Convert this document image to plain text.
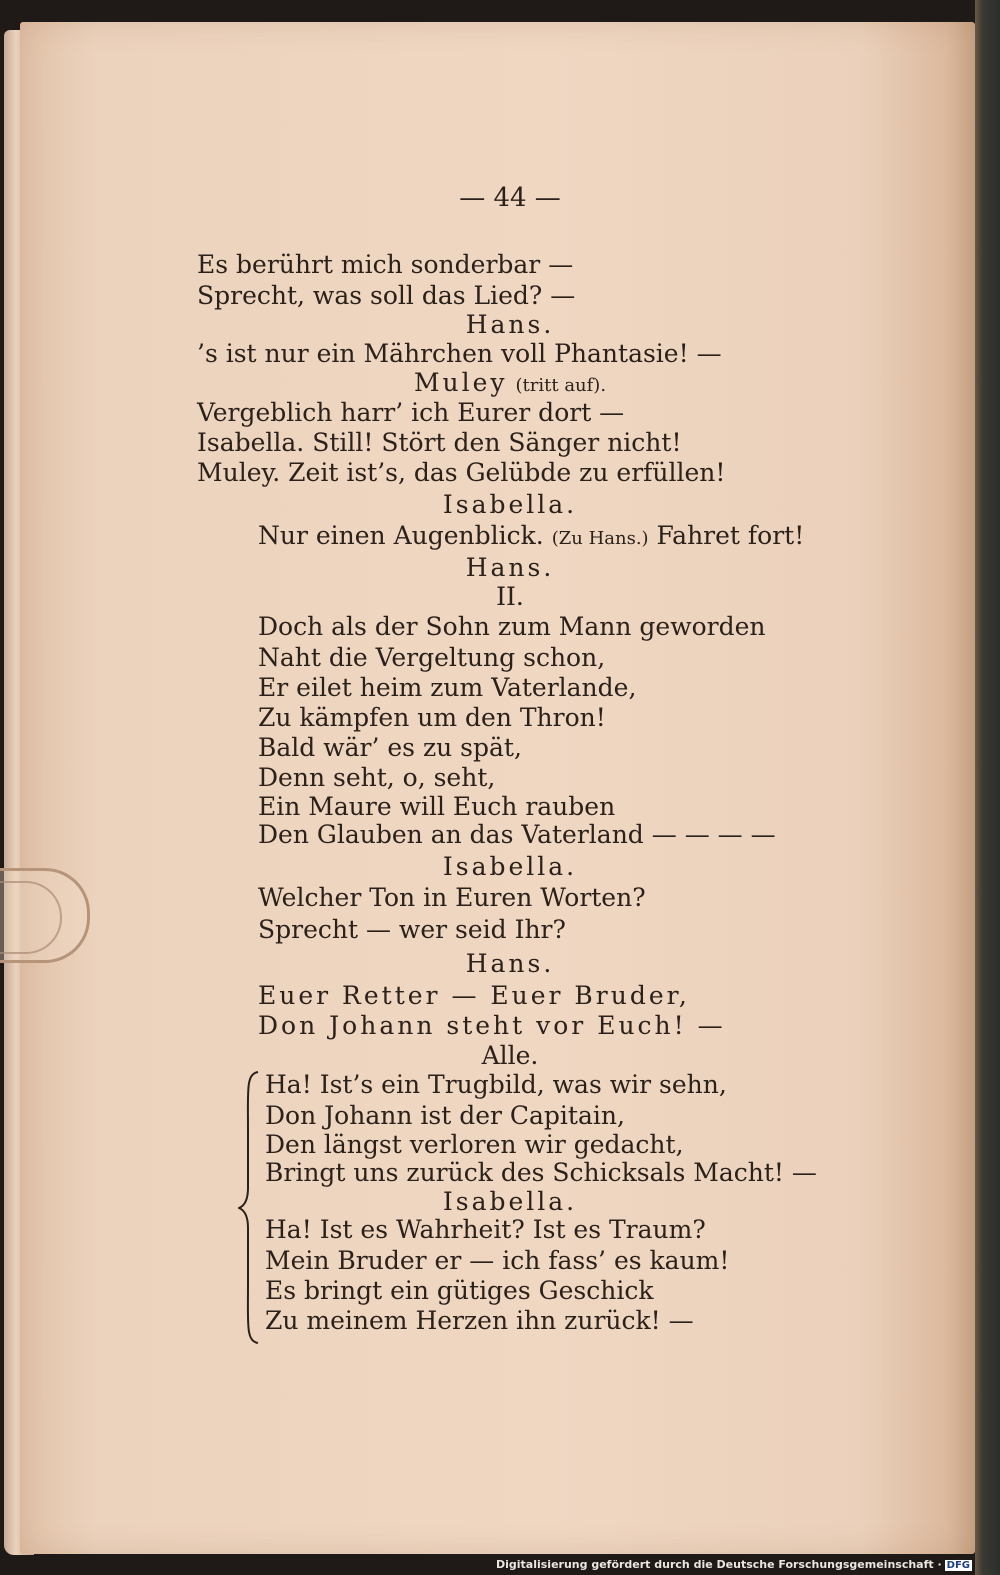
— 44 —
Es berührt mich sonderbar —
Sprecht, was soll das Lied? —
Hans.
’s ist nur ein Mährchen voll Phantasie! —
Muley (tritt auf).
Vergeblich harr’ ich Eurer dort —
Isabella. Still! Stört den Sänger nicht!
Muley. Zeit ist’s, das Gelübde zu erfüllen!
Isabella.
Nur einen Augenblick. (Zu Hans.) Fahret fort!
Hans.
II.
Doch als der Sohn zum Mann geworden
Naht die Vergeltung schon,
Er eilet heim zum Vaterlande,
Zu kämpfen um den Thron!
Bald wär’ es zu spät,
Denn seht, o, seht,
Ein Maure will Euch rauben
Den Glauben an das Vaterland — — — —
Isabella.
Welcher Ton in Euren Worten?
Sprecht — wer seid Ihr?
Hans.
Euer Retter — Euer Bruder,
Don Johann steht vor Euch! —
Alle.
Ha! Ist’s ein Trugbild, was wir sehn,
Don Johann ist der Capitain,
Den längst verloren wir gedacht,
Bringt uns zurück des Schicksals Macht! —
Isabella.
Ha! Ist es Wahrheit? Ist es Traum?
Mein Bruder er — ich fass’ es kaum!
Es bringt ein gütiges Geschick
Zu meinem Herzen ihn zurück! —
Digitalisierung gefördert durch die Deutsche Forschungsgemeinschaft · DFG
